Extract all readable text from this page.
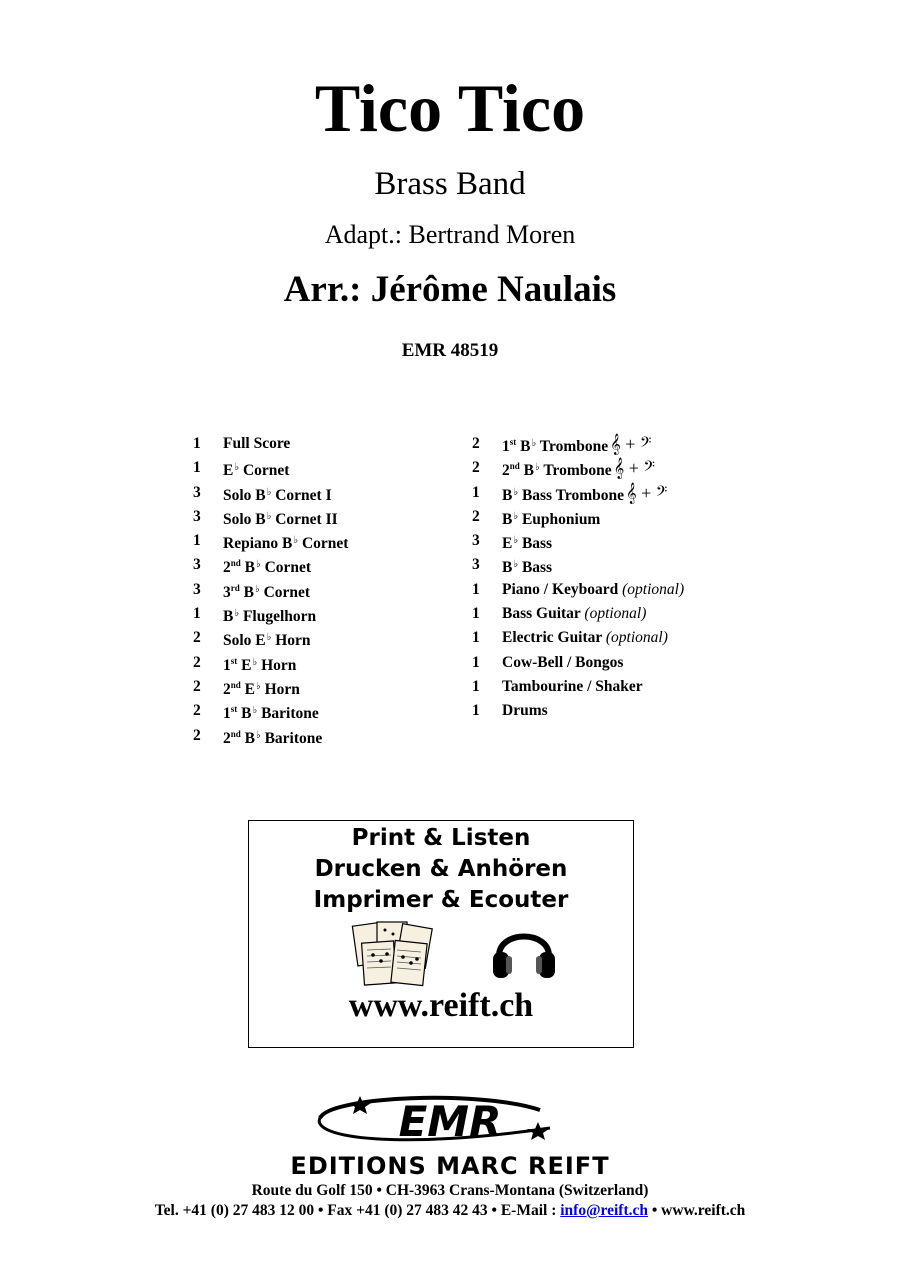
Tico Tico
Brass Band
Adapt.: Bertrand Moren
Arr.: Jérôme Naulais
EMR 48519
1	Full Score
1	E♭ Cornet
3	Solo B♭ Cornet I
3	Solo B♭ Cornet II
1	Repiano B♭ Cornet
3	2nd B♭ Cornet
3	3rd B♭ Cornet
1	B♭ Flugelhorn
2	Solo E♭ Horn
2	1st E♭ Horn
2	2nd E♭ Horn
2	1st B♭ Baritone
2	2nd B♭ Baritone
2	1st B♭ Trombone 𝄞 + 𝄢
2	2nd B♭ Trombone 𝄞 + 𝄢
1	B♭ Bass Trombone 𝄞 + 𝄢
2	B♭ Euphonium
3	E♭ Bass
3	B♭ Bass
1	Piano / Keyboard (optional)
1	Bass Guitar (optional)
1	Electric Guitar (optional)
1	Cow-Bell / Bongos
1	Tambourine / Shaker
1	Drums
Print & Listen
Drucken & Anhören
Imprimer & Ecouter
www.reift.ch
EMR
EDITIONS MARC REIFT
Route du Golf 150 • CH-3963 Crans-Montana (Switzerland)
Tel. +41 (0) 27 483 12 00 • Fax +41 (0) 27 483 42 43 • E-Mail : info@reift.ch • www.reift.ch
